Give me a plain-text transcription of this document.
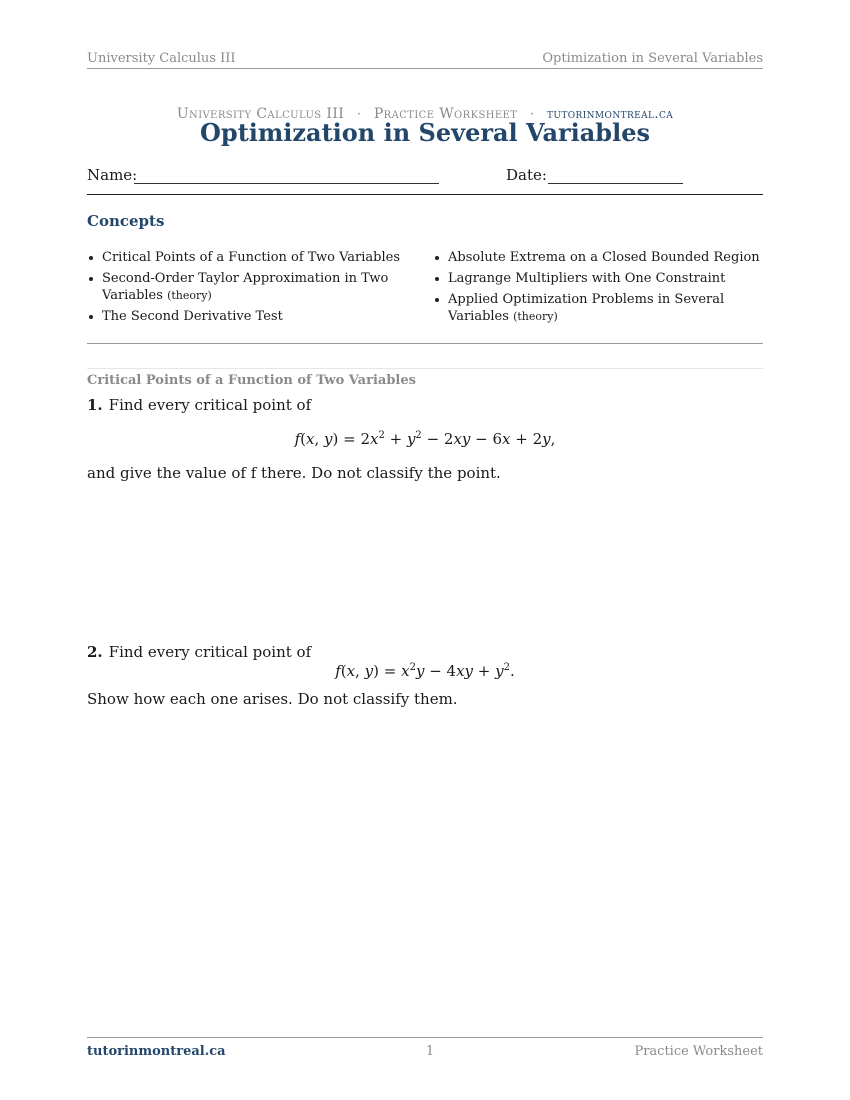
University Calculus III	Optimization in Several Variables
University Calculus III · Practice Worksheet · tutorinmontreal.ca
Optimization in Several Variables
Name:	Date:
Concepts
Critical Points of a Function of Two Variables
Second-Order Taylor Approximation in Two Variables (theory)
The Second Derivative Test
Absolute Extrema on a Closed Bounded Region
Lagrange Multipliers with One Constraint
Applied Optimization Problems in Several Variables (theory)
Critical Points of a Function of Two Variables
1. Find every critical point of
f(x, $y) = 2x^2 + y^2 - 2xy - 6x + 2y$,
and give the value of f there. Do not classify the point.
2. Find every critical point of
f(x, $y) = x^2y - 4xy + y^2$.
Show how each one arises. Do not classify them.
tutorinmontreal.ca	1	Practice Worksheet
